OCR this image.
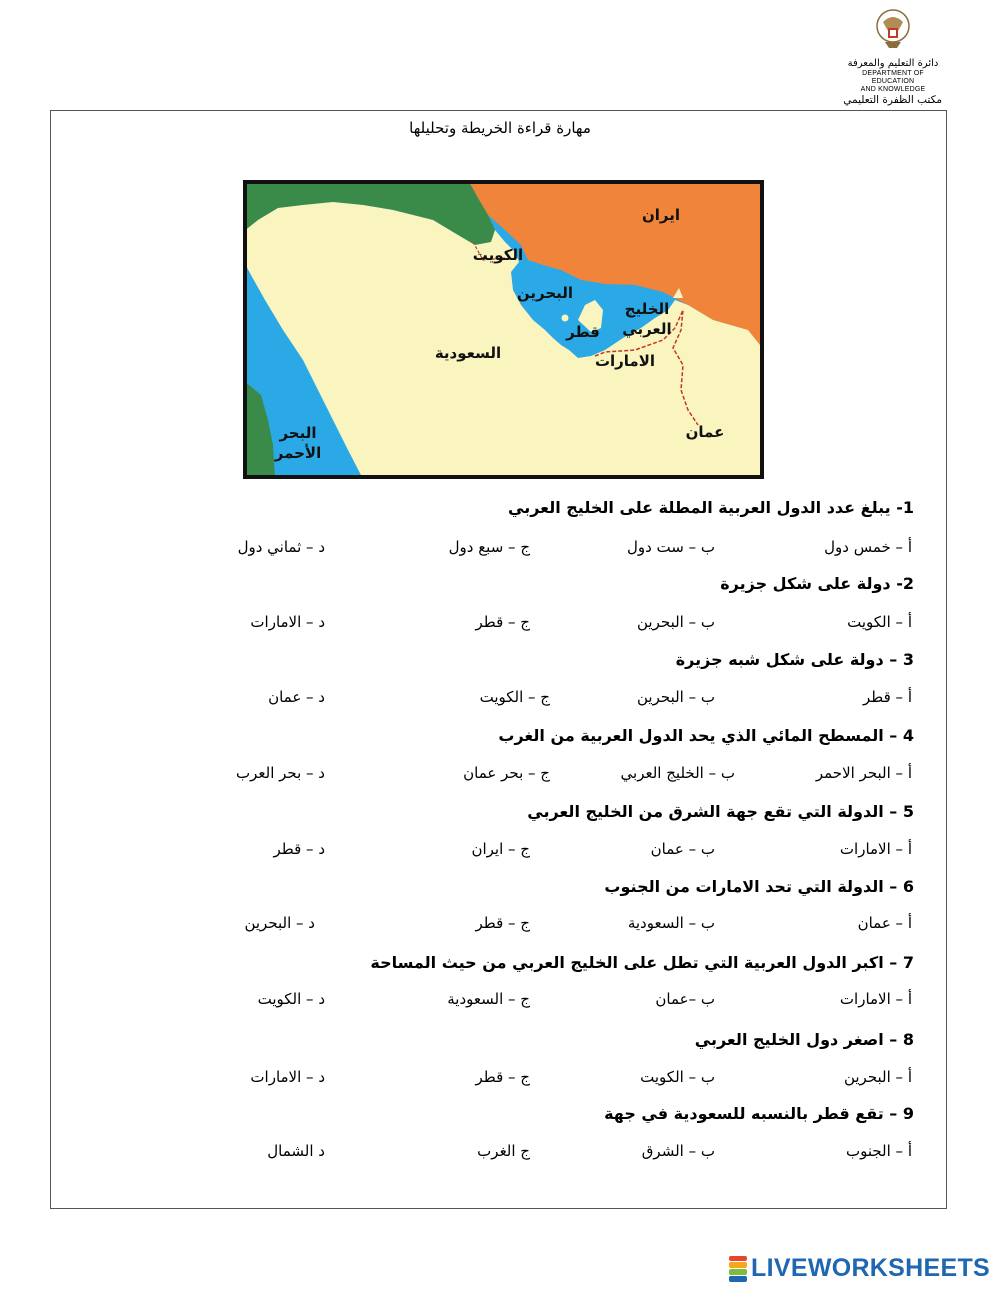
دائرة التعليم والمعرفة
DEPARTMENT OF EDUCATION
AND KNOWLEDGE
مكتب الظفرة التعليمي
مهارة قراءة الخريطة وتحليلها
ايران
الكويت
البحرين
الخليج
العربي
قطر
السعودية	الامارات
عمان
البحر
الأحمر
1- يبلغ عدد الدول العربية المطلة على الخليج العربي
أ – خمس دول
ب – ست دول
ج – سبع دول
د – ثماني دول
2- دولة على شكل جزيرة
أ – الكويت
ب – البحرين
ج – قطر
د – الامارات
3 – دولة على شكل شبه جزيرة
أ – قطر
ب – البحرين
ج – الكويت
د – عمان
4 – المسطح المائي الذي يحد الدول العربية من الغرب
أ – البحر الاحمر
ب – الخليج العربي
ج – بحر عمان
د – بحر العرب
5 – الدولة التي تقع جهة الشرق من الخليج العربي
أ – الامارات
ب – عمان
ج – ايران
د – قطر
6 – الدولة التي تحد الامارات من الجنوب
أ – عمان
ب – السعودية
ج – قطر
د – البحرين
7 – اكبر الدول العربية التي تطل على الخليج العربي من حيث المساحة
أ – الامارات
ب –عمان
ج – السعودية
د – الكويت
8 – اصغر دول الخليج العربي
أ – البحرين
ب – الكويت
ج – قطر
د – الامارات
9 – تقع قطر بالنسبه للسعودية في جهة
أ – الجنوب
ب – الشرق
ج الغرب
د الشمال
LIVEWORKSHEETS
